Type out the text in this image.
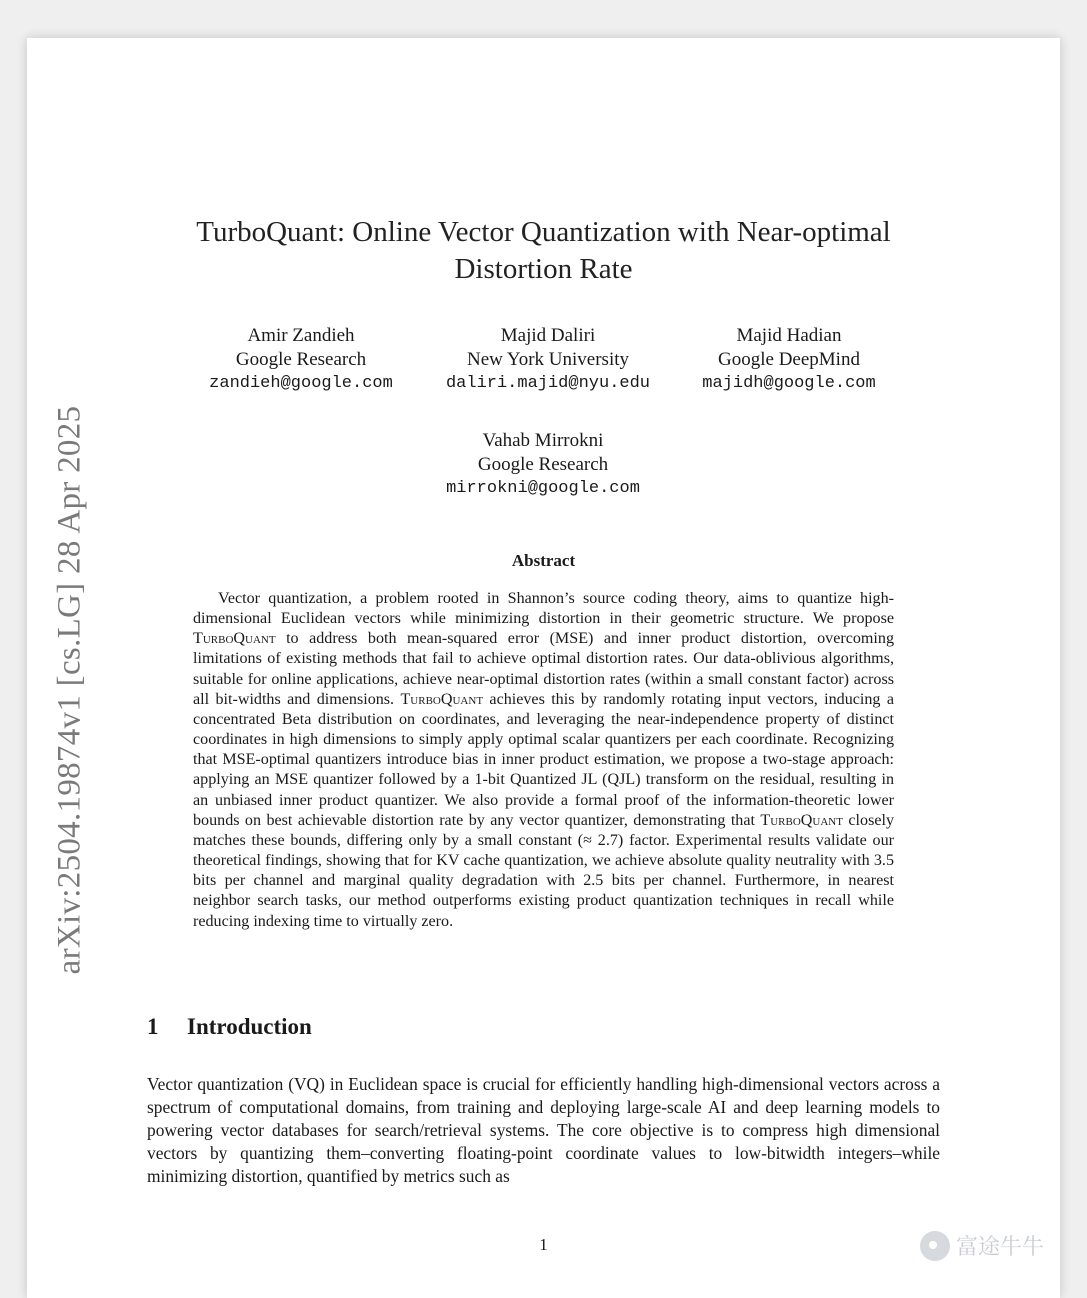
arXiv:2504.19874v1 [cs.LG] 28 Apr 2025
TurboQuant: Online Vector Quantization with Near-optimal
Distortion Rate
Amir Zandieh
Google Research
zandieh@google.com
Majid Daliri
New York University
daliri.majid@nyu.edu
Majid Hadian
Google DeepMind
majidh@google.com
Vahab Mirrokni
Google Research
mirrokni@google.com
Abstract
Vector quantization, a problem rooted in Shannon’s source coding theory, aims to quantize high-dimensional Euclidean vectors while minimizing distortion in their geometric structure. We propose TurboQuant to address both mean-squared error (MSE) and inner product distortion, overcoming limitations of existing methods that fail to achieve optimal distortion rates. Our data-oblivious algorithms, suitable for online applications, achieve near-optimal distortion rates (within a small constant factor) across all bit-widths and dimensions. TurboQuant achieves this by randomly rotating input vectors, inducing a concentrated Beta distribution on coordinates, and leveraging the near-independence property of distinct coordinates in high dimensions to simply apply optimal scalar quantizers per each coordinate. Recognizing that MSE-optimal quantizers introduce bias in inner product estimation, we propose a two-stage approach: applying an MSE quantizer followed by a 1-bit Quantized JL (QJL) transform on the residual, resulting in an unbiased inner product quantizer. We also provide a formal proof of the information-theoretic lower bounds on best achievable distortion rate by any vector quantizer, demonstrating that TurboQuant closely matches these bounds, differing only by a small constant (≈ 2.7) factor. Experimental results validate our theoretical findings, showing that for KV cache quantization, we achieve absolute quality neutrality with 3.5 bits per channel and marginal quality degradation with 2.5 bits per channel. Furthermore, in nearest neighbor search tasks, our method outperforms existing product quantization techniques in recall while reducing indexing time to virtually zero.
1 Introduction
Vector quantization (VQ) in Euclidean space is crucial for efficiently handling high-dimensional vectors across a spectrum of computational domains, from training and deploying large-scale AI and deep learning models to powering vector databases for search/retrieval systems. The core objective is to compress high dimensional vectors by quantizing them–converting floating-point coordinate values to low-bitwidth integers–while minimizing distortion, quantified by metrics such as
1	富途牛牛
